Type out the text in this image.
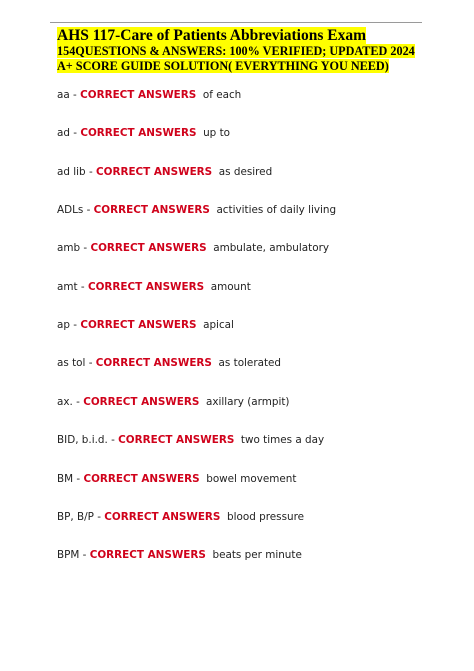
AHS 117-Care of Patients Abbreviations Exam

154QUESTIONS & ANSWERS: 100% VERIFIED; UPDATED 2024 A+ SCORE GUIDE SOLUTION( EVERYTHING YOU NEED)

aa - CORRECT ANSWERS of each
ad - CORRECT ANSWERS up to
ad lib - CORRECT ANSWERS as desired
ADLs - CORRECT ANSWERS activities of daily living
amb - CORRECT ANSWERS ambulate, ambulatory
amt - CORRECT ANSWERS amount
ap - CORRECT ANSWERS apical
as tol - CORRECT ANSWERS as tolerated
ax. - CORRECT ANSWERS axillary (armpit)
BID, b.i.d. - CORRECT ANSWERS two times a day
BM - CORRECT ANSWERS bowel movement
BP, B/P - CORRECT ANSWERS blood pressure
BPM - CORRECT ANSWERS beats per minute
